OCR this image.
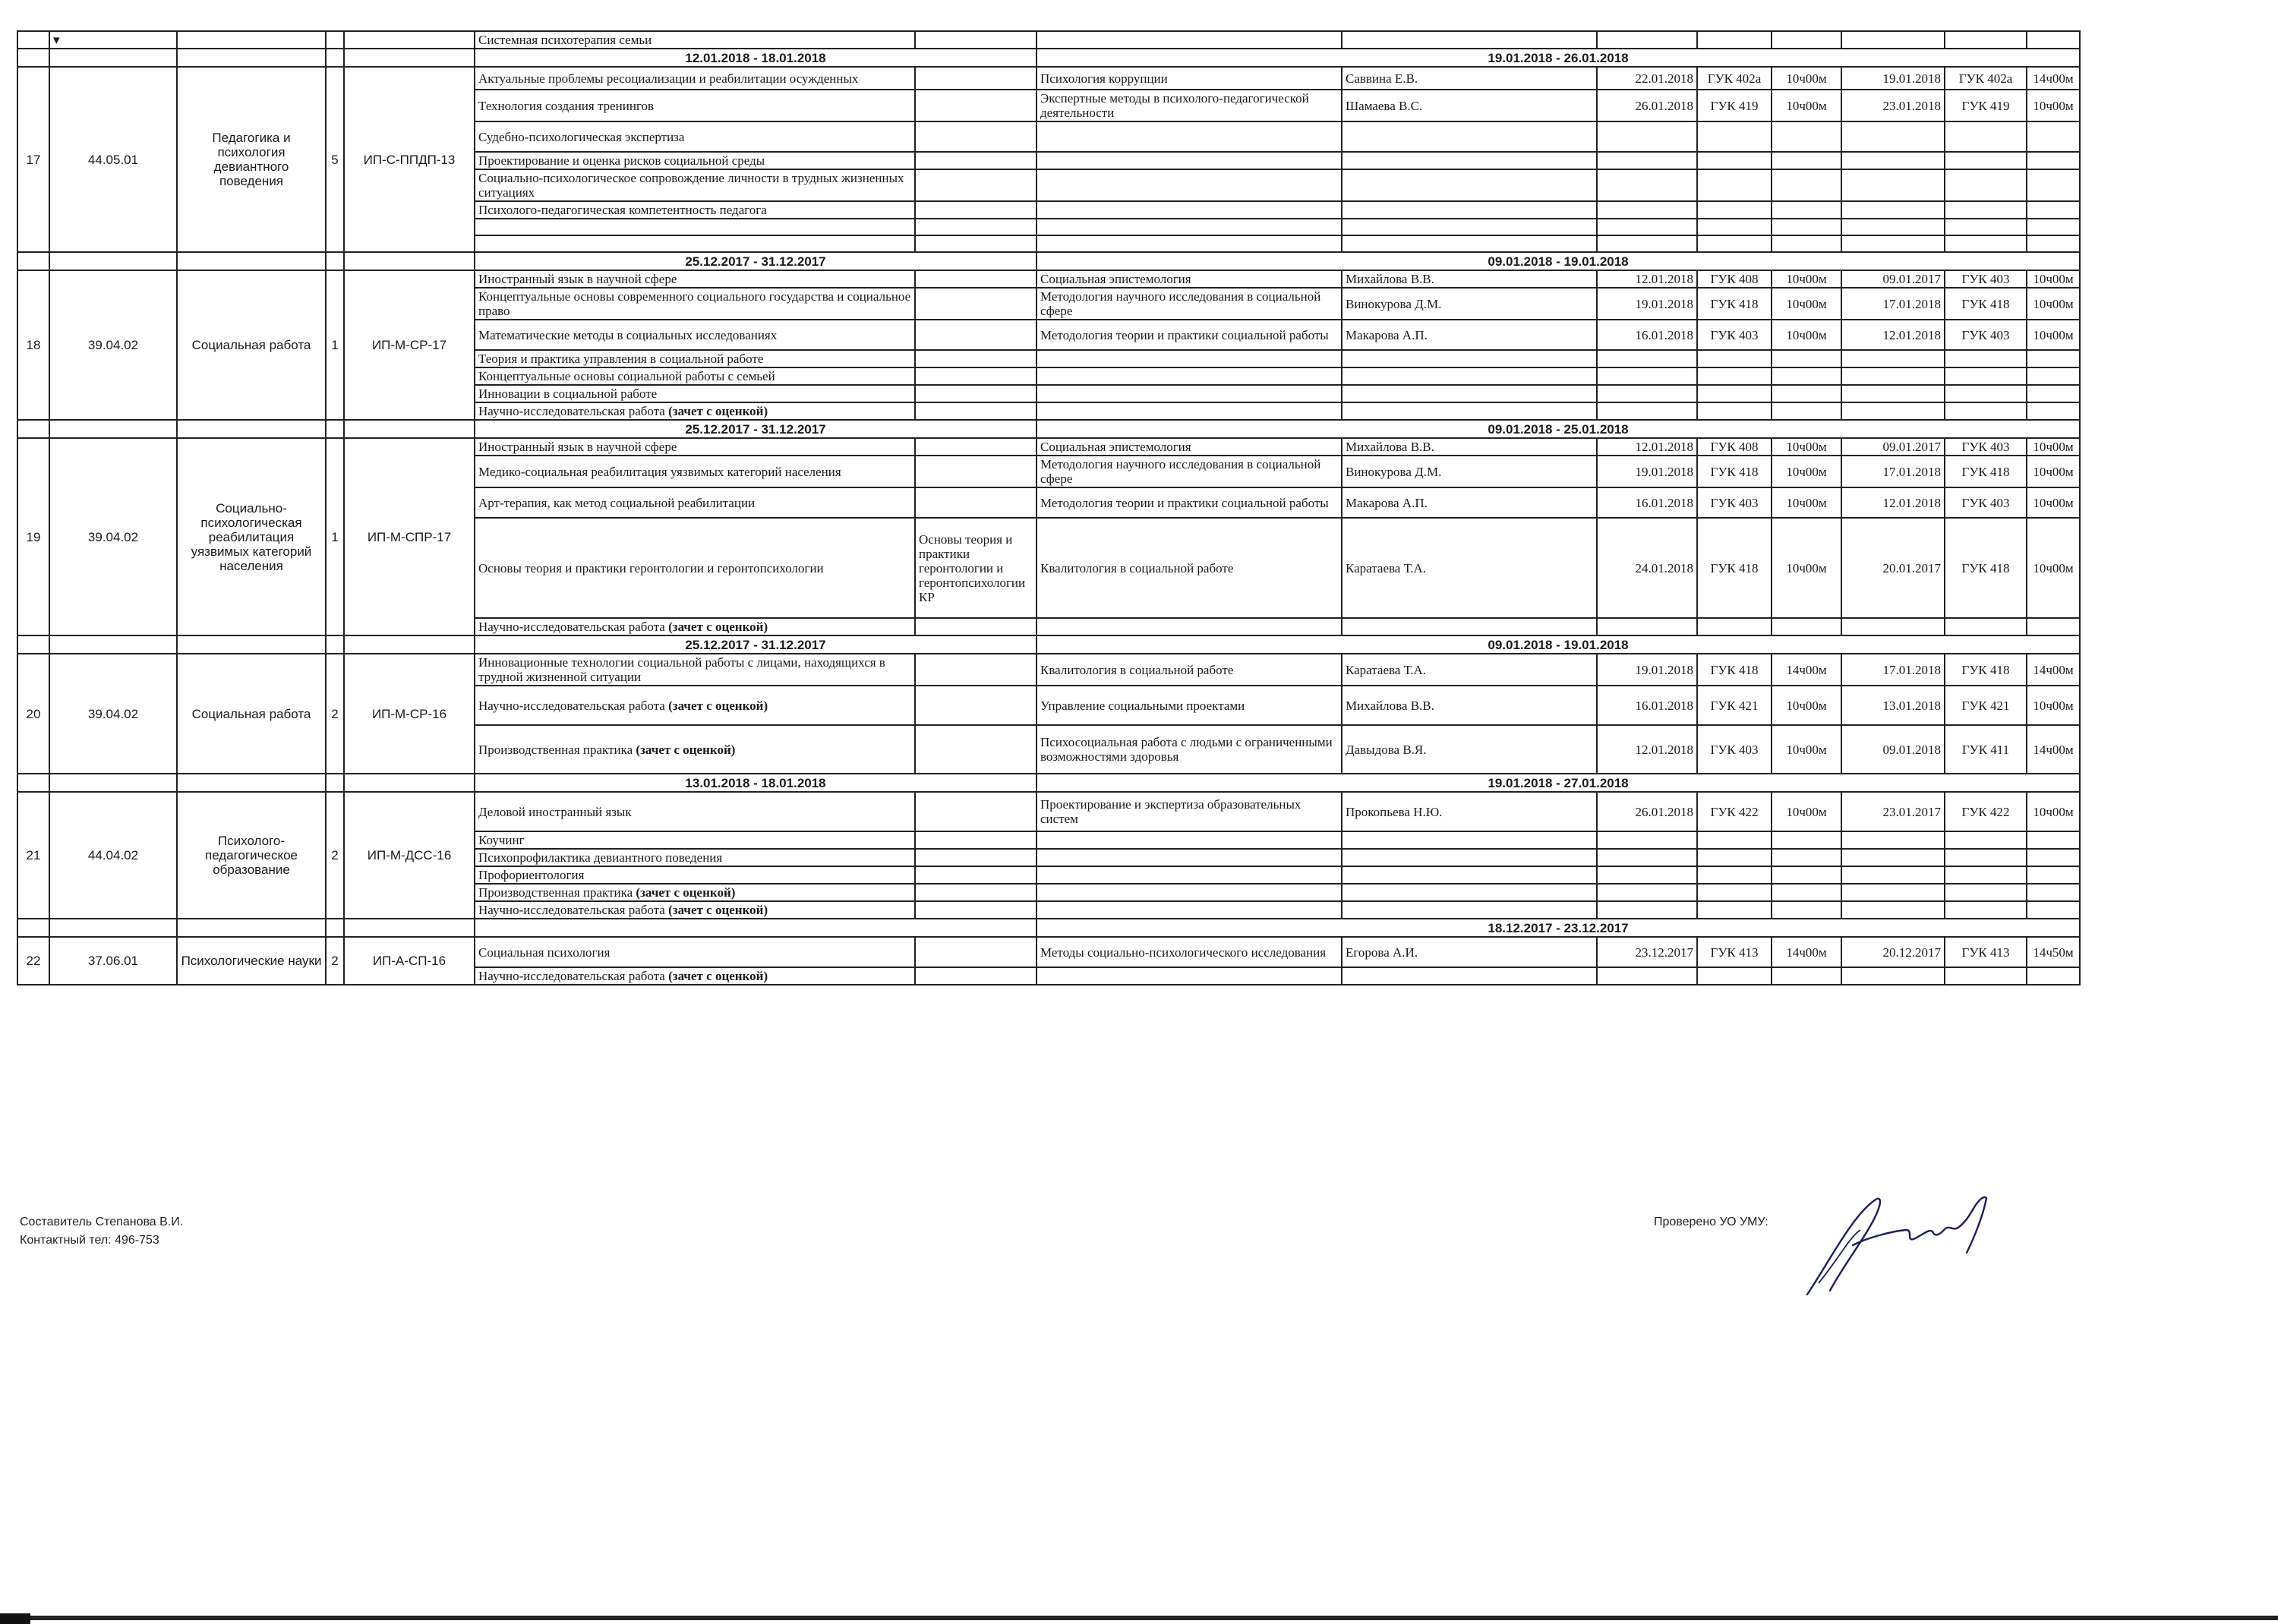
	▾				Системная психотерапия семьи									
					12.01.2018 - 18.01.2018		19.01.2018 - 26.01.2018							
17	44.05.01	Педагогика и психология девиантного поведения	5	ИП-С-ППДП-13	Актуальные проблемы ресоциализации и реабилитации осужденных		Психология коррупции	Саввина Е.В.	22.01.2018	ГУК 402а	10ч00м	19.01.2018	ГУК 402а	14ч00м
					Технология создания тренингов		Экспертные методы в психолого-педагогической деятельности	Шамаева В.С.	26.01.2018	ГУК 419	10ч00м	23.01.2018	ГУК 419	10ч00м
					Судебно-психологическая экспертиза									
					Проектирование и оценка рисков социальной среды									
					Социально-психологическое сопровождение личности в трудных жизненных ситуациях									
					Психолого-педагогическая компетентность педагога									

					25.12.2017 - 31.12.2017		09.01.2018 - 19.01.2018							
18	39.04.02	Социальная работа	1	ИП-М-СР-17	Иностранный язык в научной сфере		Социальная эпистемология	Михайлова В.В.	12.01.2018	ГУК 408	10ч00м	09.01.2017	ГУК 403	10ч00м
					Концептуальные основы современного социального государства и социальное право		Методология научного исследования в социальной сфере	Винокурова Д.М.	19.01.2018	ГУК 418	10ч00м	17.01.2018	ГУК 418	10ч00м
					Математические методы в социальных исследованиях		Методология теории и практики социальной работы	Макарова А.П.	16.01.2018	ГУК 403	10ч00м	12.01.2018	ГУК 403	10ч00м
					Теория и практика управления в социальной работе									
					Концептуальные основы социальной работы с семьей									
					Инновации в социальной работе									
					Научно-исследовательская работа (зачет с оценкой)									
					25.12.2017 - 31.12.2017		09.01.2018 - 25.01.2018							
19	39.04.02	Социально-психологическая реабилитация уязвимых категорий населения	1	ИП-М-СПР-17	Иностранный язык в научной сфере		Социальная эпистемология	Михайлова В.В.	12.01.2018	ГУК 408	10ч00м	09.01.2017	ГУК 403	10ч00м
					Медико-социальная реабилитация уязвимых категорий населения		Методология научного исследования в социальной сфере	Винокурова Д.М.	19.01.2018	ГУК 418	10ч00м	17.01.2018	ГУК 418	10ч00м
					Арт-терапия, как метод социальной реабилитации		Методология теории и практики социальной работы	Макарова А.П.	16.01.2018	ГУК 403	10ч00м	12.01.2018	ГУК 403	10ч00м
					Основы теория и практики геронтологии и геронтопсихологии	Основы теория и практики геронтологии и геронтопсихологии КР	Квалитология в социальной работе	Каратаева Т.А.	24.01.2018	ГУК 418	10ч00м	20.01.2017	ГУК 418	10ч00м
					Научно-исследовательская работа (зачет с оценкой)									
					25.12.2017 - 31.12.2017		09.01.2018 - 19.01.2018							
20	39.04.02	Социальная работа	2	ИП-М-СР-16	Инновационные технологии социальной работы с лицами, находящихся в трудной жизненной ситуации		Квалитология в социальной работе	Каратаева Т.А.	19.01.2018	ГУК 418	14ч00м	17.01.2018	ГУК 418	14ч00м
					Научно-исследовательская работа (зачет с оценкой)		Управление социальными проектами	Михайлова В.В.	16.01.2018	ГУК 421	10ч00м	13.01.2018	ГУК 421	10ч00м
					Производственная практика (зачет с оценкой)		Психосоциальная работа с людьми с ограниченными возможностями здоровья	Давыдова В.Я.	12.01.2018	ГУК 403	10ч00м	09.01.2018	ГУК 411	14ч00м
					13.01.2018 - 18.01.2018		19.01.2018 - 27.01.2018							
21	44.04.02	Психолого-педагогическое образование	2	ИП-М-ДСС-16	Деловой иностранный язык		Проектирование и экспертиза образовательных систем	Прокопьева Н.Ю.	26.01.2018	ГУК 422	10ч00м	23.01.2017	ГУК 422	10ч00м
					Коучинг									
					Психопрофилактика девиантного поведения									
					Профориентология									
					Производственная практика (зачет с оценкой)									
					Научно-исследовательская работа (зачет с оценкой)									
							18.12.2017 - 23.12.2017							
22	37.06.01	Психологические науки	2	ИП-А-СП-16	Социальная психология		Методы социально-психологического исследования	Егорова А.И.	23.12.2017	ГУК 413	14ч00м	20.12.2017	ГУК 413	14ч50м
					Научно-исследовательская работа (зачет с оценкой)									
Составитель Степанова В.И.
Контактный тел: 496-753
Проверено УО УМУ:
